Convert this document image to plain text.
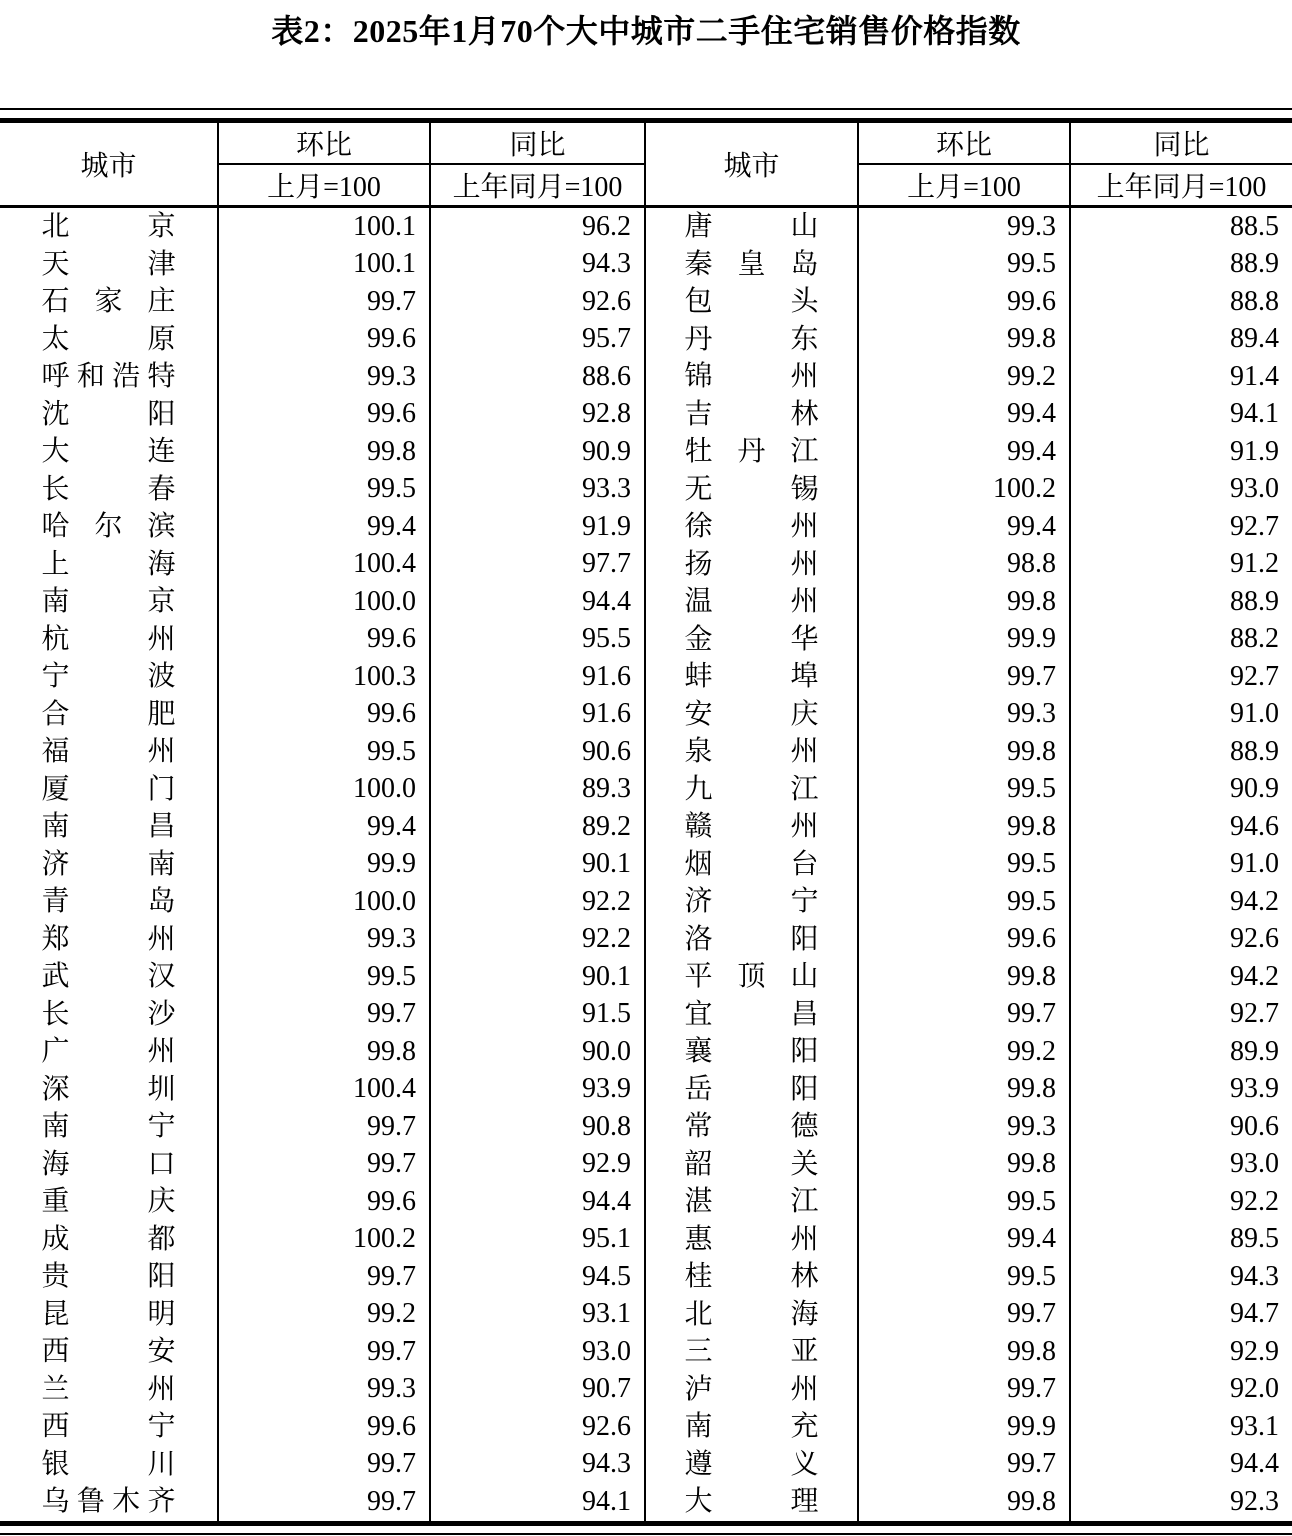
表2：2025年1月70个大中城市二手住宅销售价格指数
城市	环比	同比	城市	环比	同比
	上月=100	上年同月=100		上月=100	上年同月=100
北京	100.1	96.2	唐山	99.3	88.5
天津	100.1	94.3	秦皇岛	99.5	88.9
石家庄	99.7	92.6	包头	99.6	88.8
太原	99.6	95.7	丹东	99.8	89.4
呼和浩特	99.3	88.6	锦州	99.2	91.4
沈阳	99.6	92.8	吉林	99.4	94.1
大连	99.8	90.9	牡丹江	99.4	91.9
长春	99.5	93.3	无锡	100.2	93.0
哈尔滨	99.4	91.9	徐州	99.4	92.7
上海	100.4	97.7	扬州	98.8	91.2
南京	100.0	94.4	温州	99.8	88.9
杭州	99.6	95.5	金华	99.9	88.2
宁波	100.3	91.6	蚌埠	99.7	92.7
合肥	99.6	91.6	安庆	99.3	91.0
福州	99.5	90.6	泉州	99.8	88.9
厦门	100.0	89.3	九江	99.5	90.9
南昌	99.4	89.2	赣州	99.8	94.6
济南	99.9	90.1	烟台	99.5	91.0
青岛	100.0	92.2	济宁	99.5	94.2
郑州	99.3	92.2	洛阳	99.6	92.6
武汉	99.5	90.1	平顶山	99.8	94.2
长沙	99.7	91.5	宜昌	99.7	92.7
广州	99.8	90.0	襄阳	99.2	89.9
深圳	100.4	93.9	岳阳	99.8	93.9
南宁	99.7	90.8	常德	99.3	90.6
海口	99.7	92.9	韶关	99.8	93.0
重庆	99.6	94.4	湛江	99.5	92.2
成都	100.2	95.1	惠州	99.4	89.5
贵阳	99.7	94.5	桂林	99.5	94.3
昆明	99.2	93.1	北海	99.7	94.7
西安	99.7	93.0	三亚	99.8	92.9
兰州	99.3	90.7	泸州	99.7	92.0
西宁	99.6	92.6	南充	99.9	93.1
银川	99.7	94.3	遵义	99.7	94.4
乌鲁木齐	99.7	94.1	大理	99.8	92.3
